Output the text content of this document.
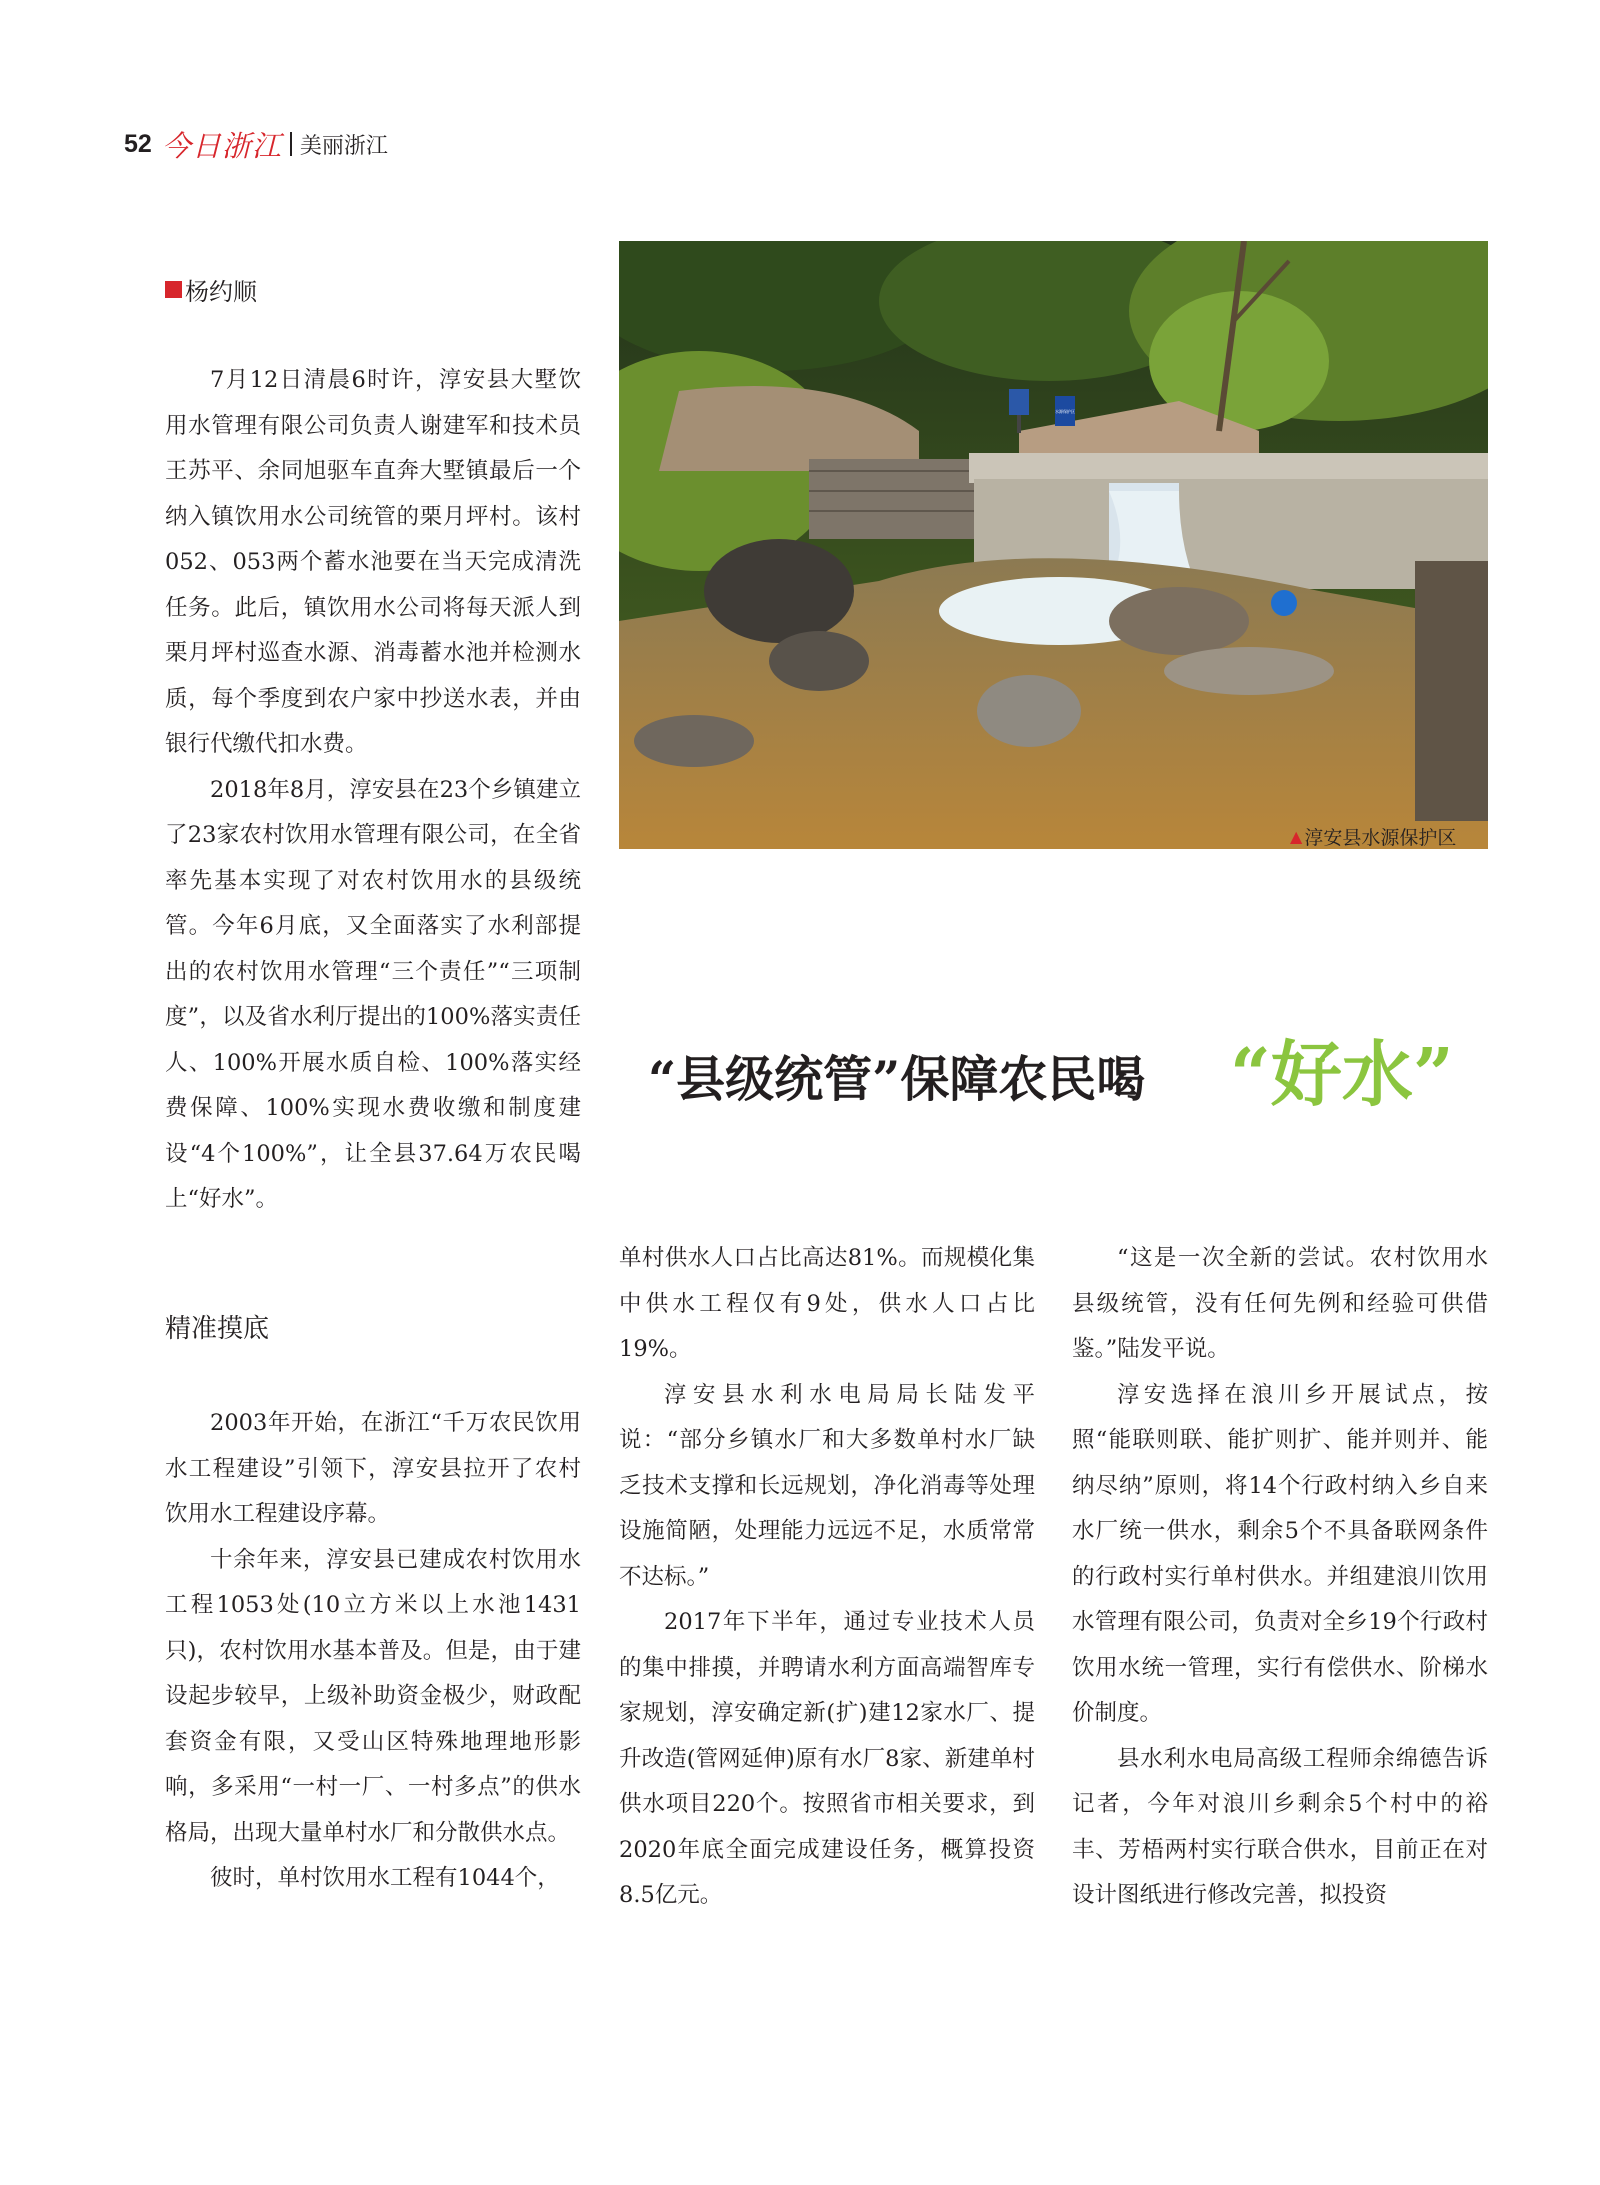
52 今日浙江 美丽浙江
杨约顺

7月12日清晨6时许，淳安县大墅饮用水管理有限公司负责人谢建军和技术员王苏平、余同旭驱车直奔大墅镇最后一个纳入镇饮用水公司统管的栗月坪村。该村052、053两个蓄水池要在当天完成清洗任务。此后，镇饮用水公司将每天派人到栗月坪村巡查水源、消毒蓄水池并检测水质，每个季度到农户家中抄送水表，并由银行代缴代扣水费。

2018年8月，淳安县在23个乡镇建立了23家农村饮用水管理有限公司，在全省率先基本实现了对农村饮用水的县级统管。今年6月底，又全面落实了水利部提出的农村饮用水管理“三个责任”“三项制度”，以及省水利厅提出的100%落实责任人、100%开展水质自检、100%落实经费保障、100%实现水费收缴和制度建设“4个100%”，让全县37.64万农民喝上“好水”。

精准摸底

2003年开始，在浙江“千万农民饮用水工程建设”引领下，淳安县拉开了农村饮用水工程建设序幕。

十余年来，淳安县已建成农村饮用水工程1053处(10立方米以上水池1431只)，农村饮用水基本普及。但是，由于建设起步较早，上级补助资金极少，财政配套资金有限，又受山区特殊地理地形影响，多采用“一村一厂、一村多点”的供水格局，出现大量单村水厂和分散供水点。

彼时，单村饮用水工程有1044个，

水源保护区
▲ 淳安县水源保护区
“县级统管”保障农民喝 “好水”

单村供水人口占比高达81%。而规模化集中供水工程仅有9处，供水人口占比19%。

淳安县水利水电局局长陆发平说：“部分乡镇水厂和大多数单村水厂缺乏技术支撑和长远规划，净化消毒等处理设施简陋，处理能力远远不足，水质常常不达标。”

2017年下半年，通过专业技术人员的集中排摸，并聘请水利方面高端智库专家规划，淳安确定新(扩)建12家水厂、提升改造(管网延伸)原有水厂8家、新建单村供水项目220个。按照省市相关要求，到2020年底全面完成建设任务，概算投资8.5亿元。

“这是一次全新的尝试。农村饮用水县级统管，没有任何先例和经验可供借鉴。”陆发平说。

淳安选择在浪川乡开展试点，按照“能联则联、能扩则扩、能并则并、能纳尽纳”原则，将14个行政村纳入乡自来水厂统一供水，剩余5个不具备联网条件的行政村实行单村供水。并组建浪川饮用水管理有限公司，负责对全乡19个行政村饮用水统一管理，实行有偿供水、阶梯水价制度。

县水利水电局高级工程师余绵德告诉记者，今年对浪川乡剩余5个村中的裕丰、芳梧两村实行联合供水，目前正在对设计图纸进行修改完善，拟投资
